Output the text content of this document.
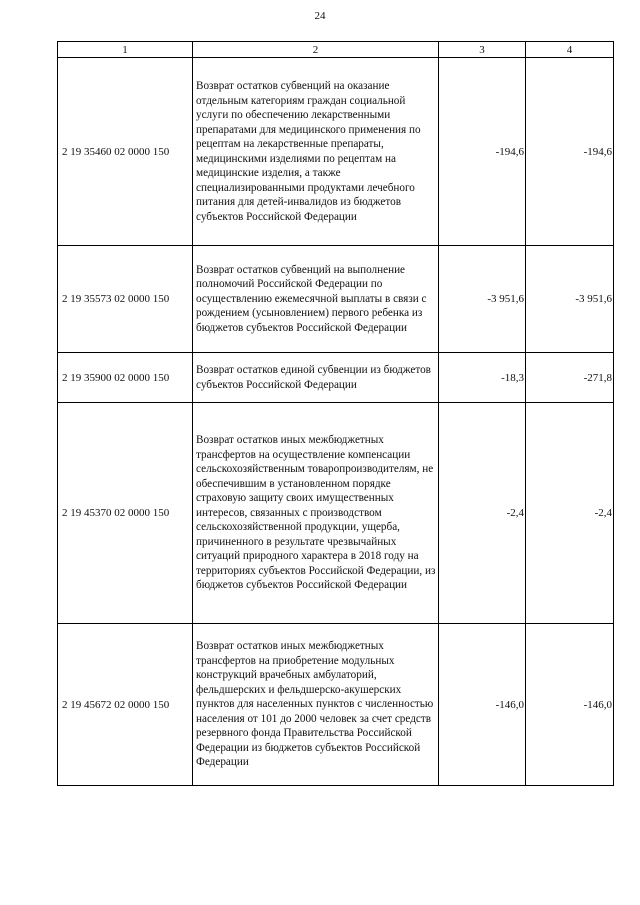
24
1	2	3	4
2 19 35460 02 0000 150	Возврат остатков субвенций на оказание отдельным категориям граждан социальной услуги по обеспечению лекарственными препаратами для медицинского применения по рецептам на лекарственные препараты, медицинскими изделиями по рецептам на медицинские изделия, а также специализированными продуктами лечебного питания для детей-инвалидов из бюджетов субъектов Российской Федерации	-194,6	-194,6
2 19 35573 02 0000 150	Возврат остатков субвенций на выполнение полномочий Российской Федерации по осуществлению ежемесячной выплаты в связи с рождением (усыновлением) первого ребенка из бюджетов субъектов Российской Федерации	-3 951,6	-3 951,6
2 19 35900 02 0000 150	Возврат остатков единой субвенции из бюджетов субъектов Российской Федерации	-18,3	-271,8
2 19 45370 02 0000 150	Возврат остатков иных межбюджетных трансфертов на осуществление компенсации сельскохозяйственным товаропроизводителям, не обеспечившим в установленном порядке страховую защиту своих имущественных интересов, связанных с производством сельскохозяйственной продукции, ущерба, причиненного в результате чрезвычайных ситуаций природного характера в 2018 году на территориях субъектов Российской Федерации, из бюджетов субъектов Российской Федерации	-2,4	-2,4
2 19 45672 02 0000 150	Возврат остатков иных межбюджетных трансфертов на приобретение модульных конструкций врачебных амбулаторий, фельдшерских и фельдшерско-акушерских пунктов для населенных пунктов с численностью населения от 101 до 2000 человек за счет средств резервного фонда Правительства Российской Федерации из бюджетов субъектов Российской Федерации	-146,0	-146,0
